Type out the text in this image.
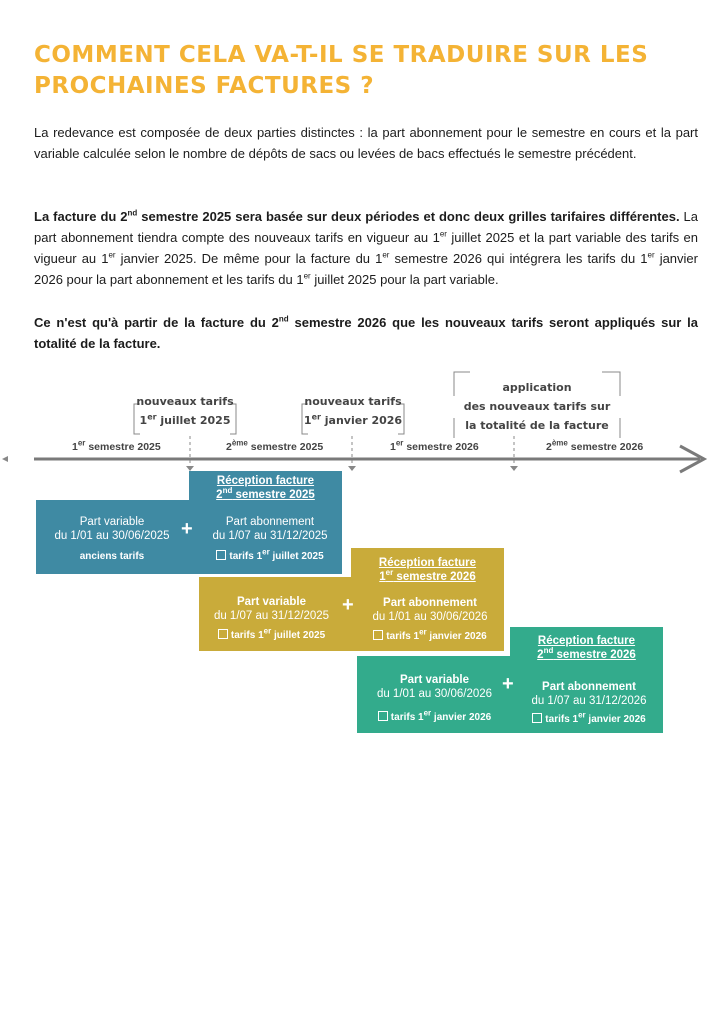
COMMENT CELA VA-T-IL SE TRADUIRE SUR LES PROCHAINES FACTURES ?
La redevance est composée de deux parties distinctes : la part abonnement pour le semestre en cours et la part variable calculée selon le nombre de dépôts de sacs ou levées de bacs effectués le semestre précédent.
La facture du 2nd semestre 2025 sera basée sur deux périodes et donc deux grilles tarifaires différentes. La part abonnement tiendra compte des nouveaux tarifs en vigueur au 1er juillet 2025 et la part variable des tarifs en vigueur au 1er janvier 2025. De même pour la facture du 1er semestre 2026 qui intégrera les tarifs du 1er janvier 2026 pour la part abonnement et les tarifs du 1er juillet 2025 pour la part variable.
Ce n'est qu'à partir de la facture du 2nd semestre 2026 que les nouveaux tarifs seront appliqués sur la totalité de la facture.
nouveaux tarifs
1er juillet 2025
nouveaux tarifs
1er janvier 2026
application
des nouveaux tarifs sur
la totalité de la facture
1er semestre 2025	2ème semestre 2025	1er semestre 2026	2ème semestre 2026
Réception facture
2nd semestre 2025
Part variable
du 1/01 au 30/06/2025
anciens tarifs
+	Part abonnement
du 1/07 au 31/12/2025
tarifs 1er juillet 2025
Réception facture
1er semestre 2026
Part variable
du 1/07 au 31/12/2025
tarifs 1er juillet 2025
+	Part abonnement
du 1/01 au 30/06/2026
tarifs 1er janvier 2026	Réception facture
2nd semestre 2026
Part variable
du 1/01 au 30/06/2026
tarifs 1er janvier 2026
+	Part abonnement
du 1/07 au 31/12/2026
tarifs 1er janvier 2026
